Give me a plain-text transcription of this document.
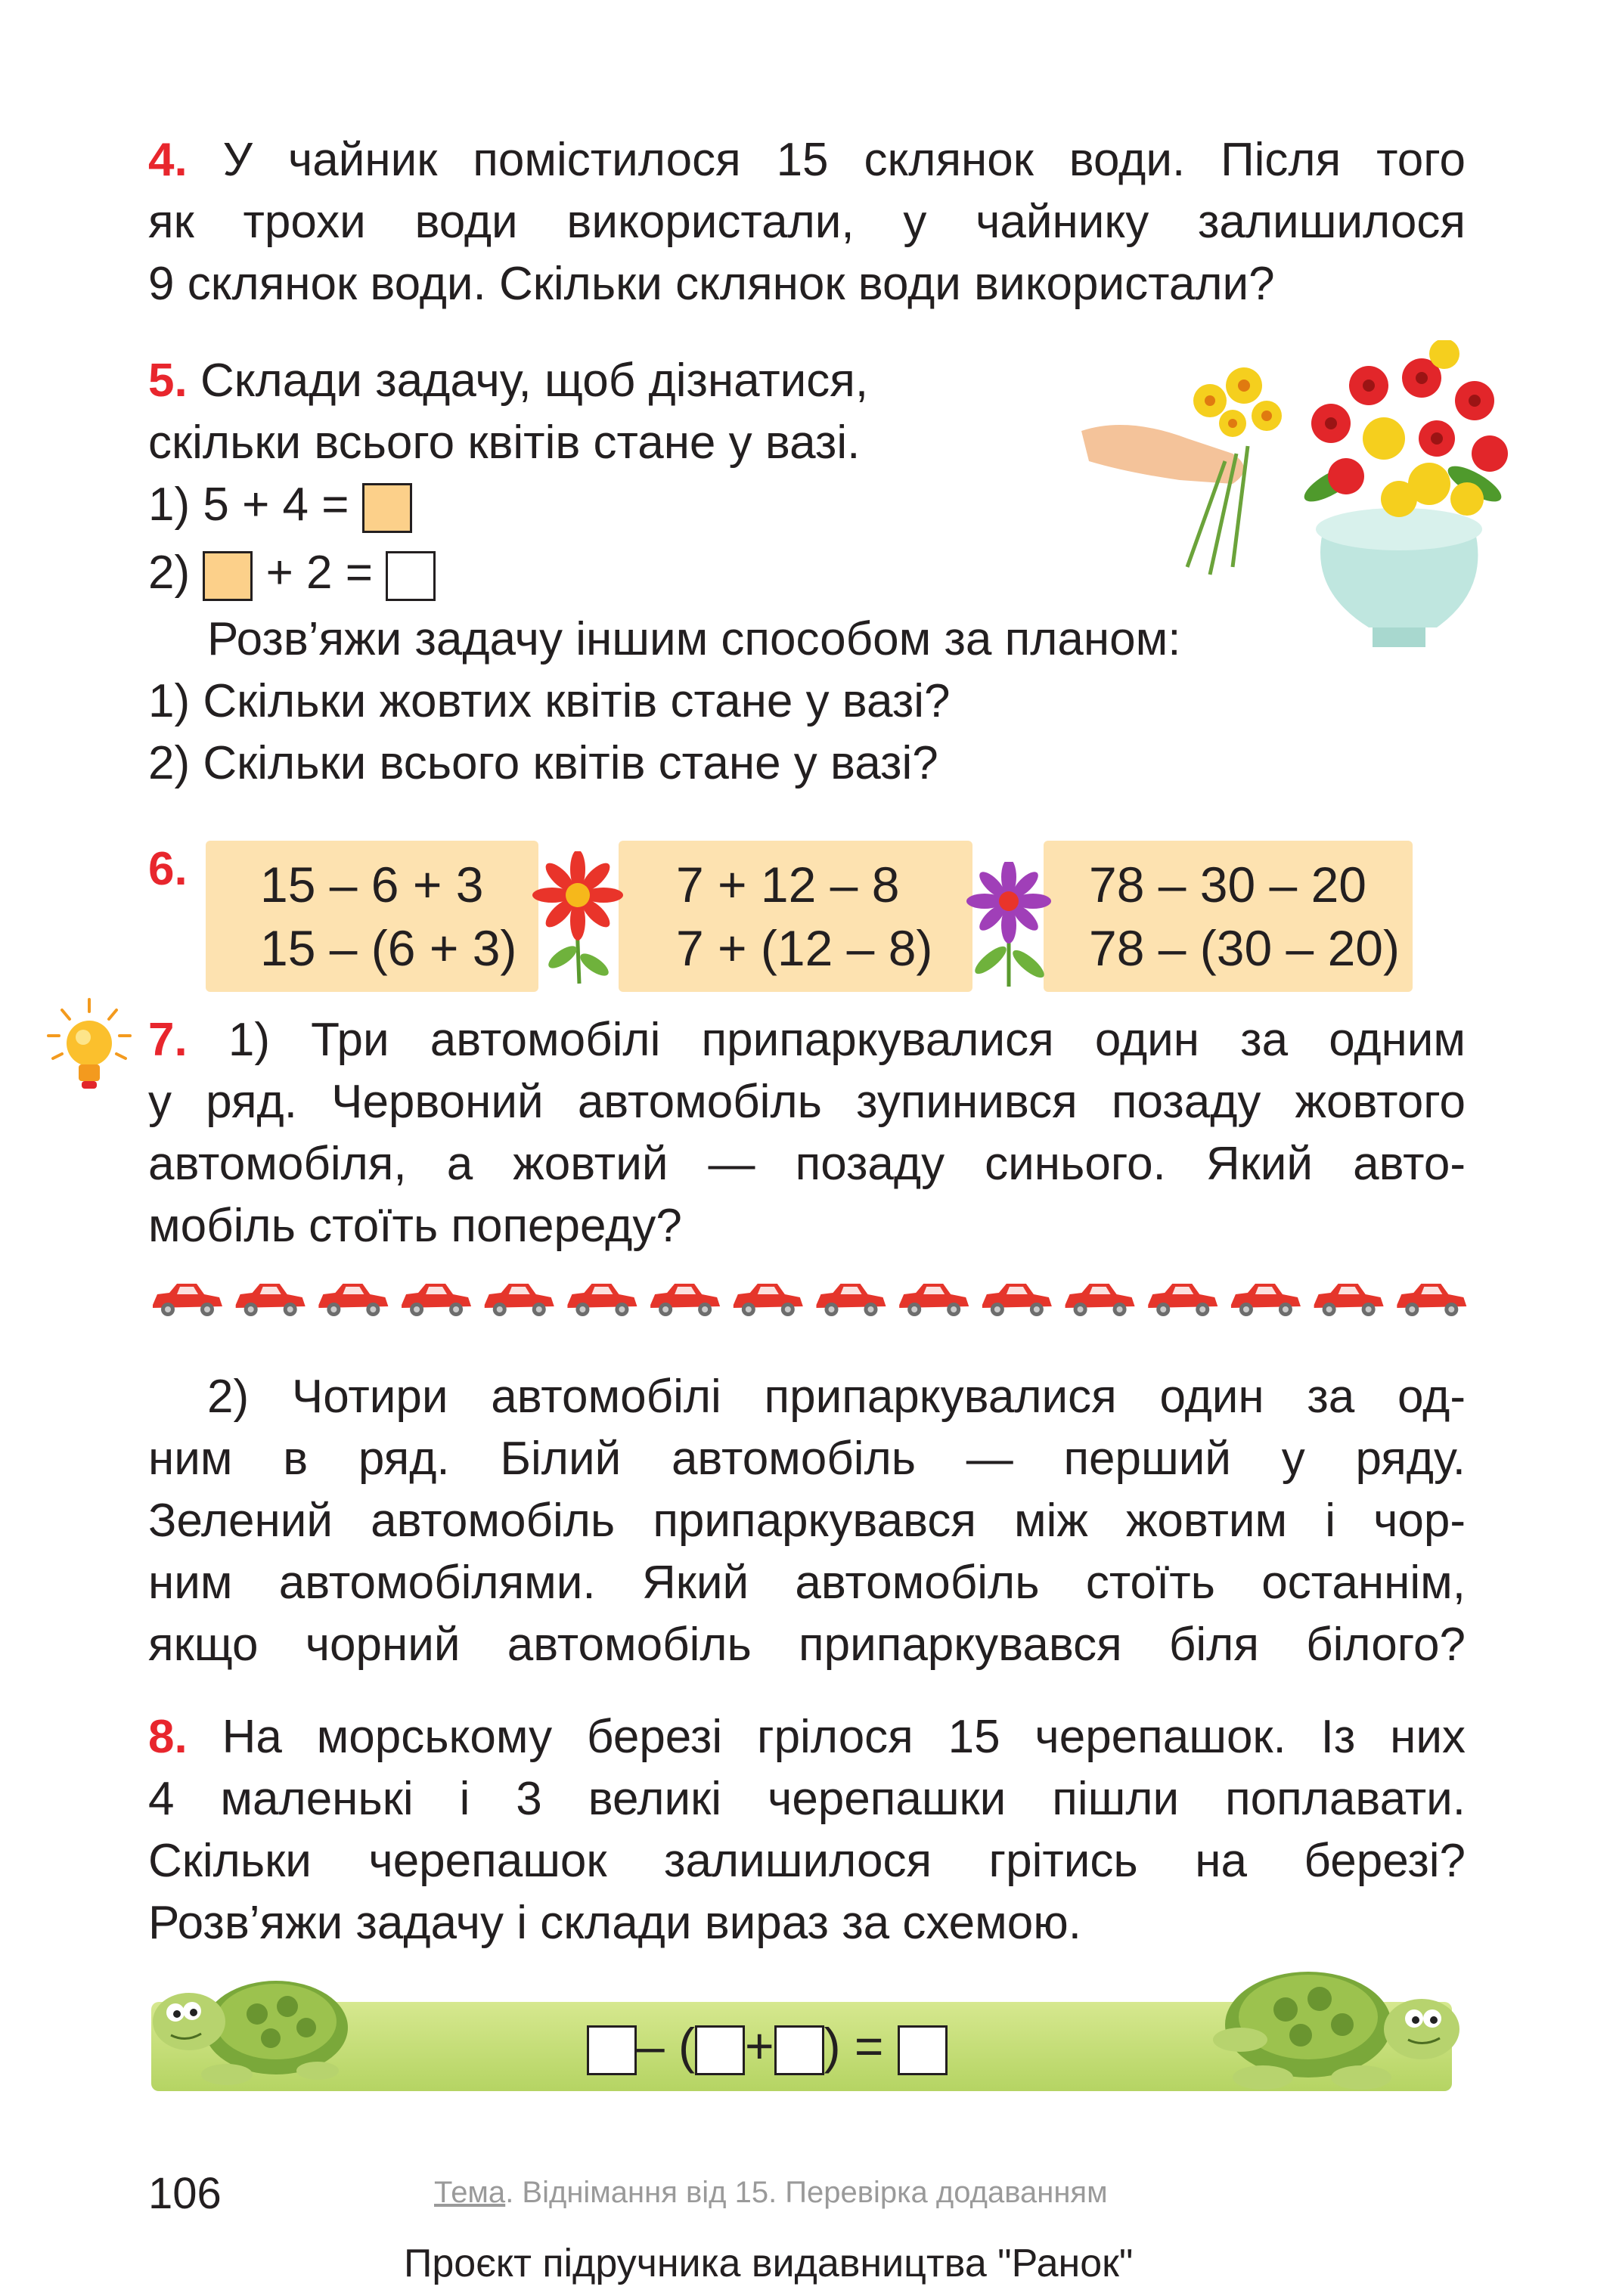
4. У чайник помістилося 15 склянок води. Після того
як трохи води використали, у чайнику залишилося
9 склянок води. Скільки склянок води використали?
5. Склади задачу, щоб дізнатися,
скільки всього квітів стане у вазі.
1) 5 + 4 =
2) + 2 =
Розв’яжи задачу іншим способом за планом:
1) Скільки жовтих квітів стане у вазі?
2) Скільки всього квітів стане у вазі?
6. 15 – 6 + 3
15 – (6 + 3)
7 + 12 – 8
7 + (12 – 8)
78 – 30 – 20
78 – (30 – 20)
7. 1) Три автомобілі припаркувалися один за одним
у ряд. Червоний автомобіль зупинився позаду жовтого
автомобіля, а жовтий — позаду синього. Який авто-
мобіль стоїть попереду?
2) Чотири автомобілі припаркувалися один за од-
ним в ряд. Білий автомобіль — перший у ряду.
Зелений автомобіль припаркувався між жовтим і чор-
ним автомобілями. Який автомобіль стоїть останнім,
якщо чорний автомобіль припаркувався біля білого?
8. На морському березі грілося 15 черепашок. Із них
4 маленькі і 3 великі черепашки пішли поплавати.
Скільки черепашок залишилося грітись на березі?
Розв’яжи задачу і склади вираз за схемою.
– ( + ) =
106	Тема. Віднімання від 15. Перевірка додаванням
Проєкт підручника видавництва "Ранок"
